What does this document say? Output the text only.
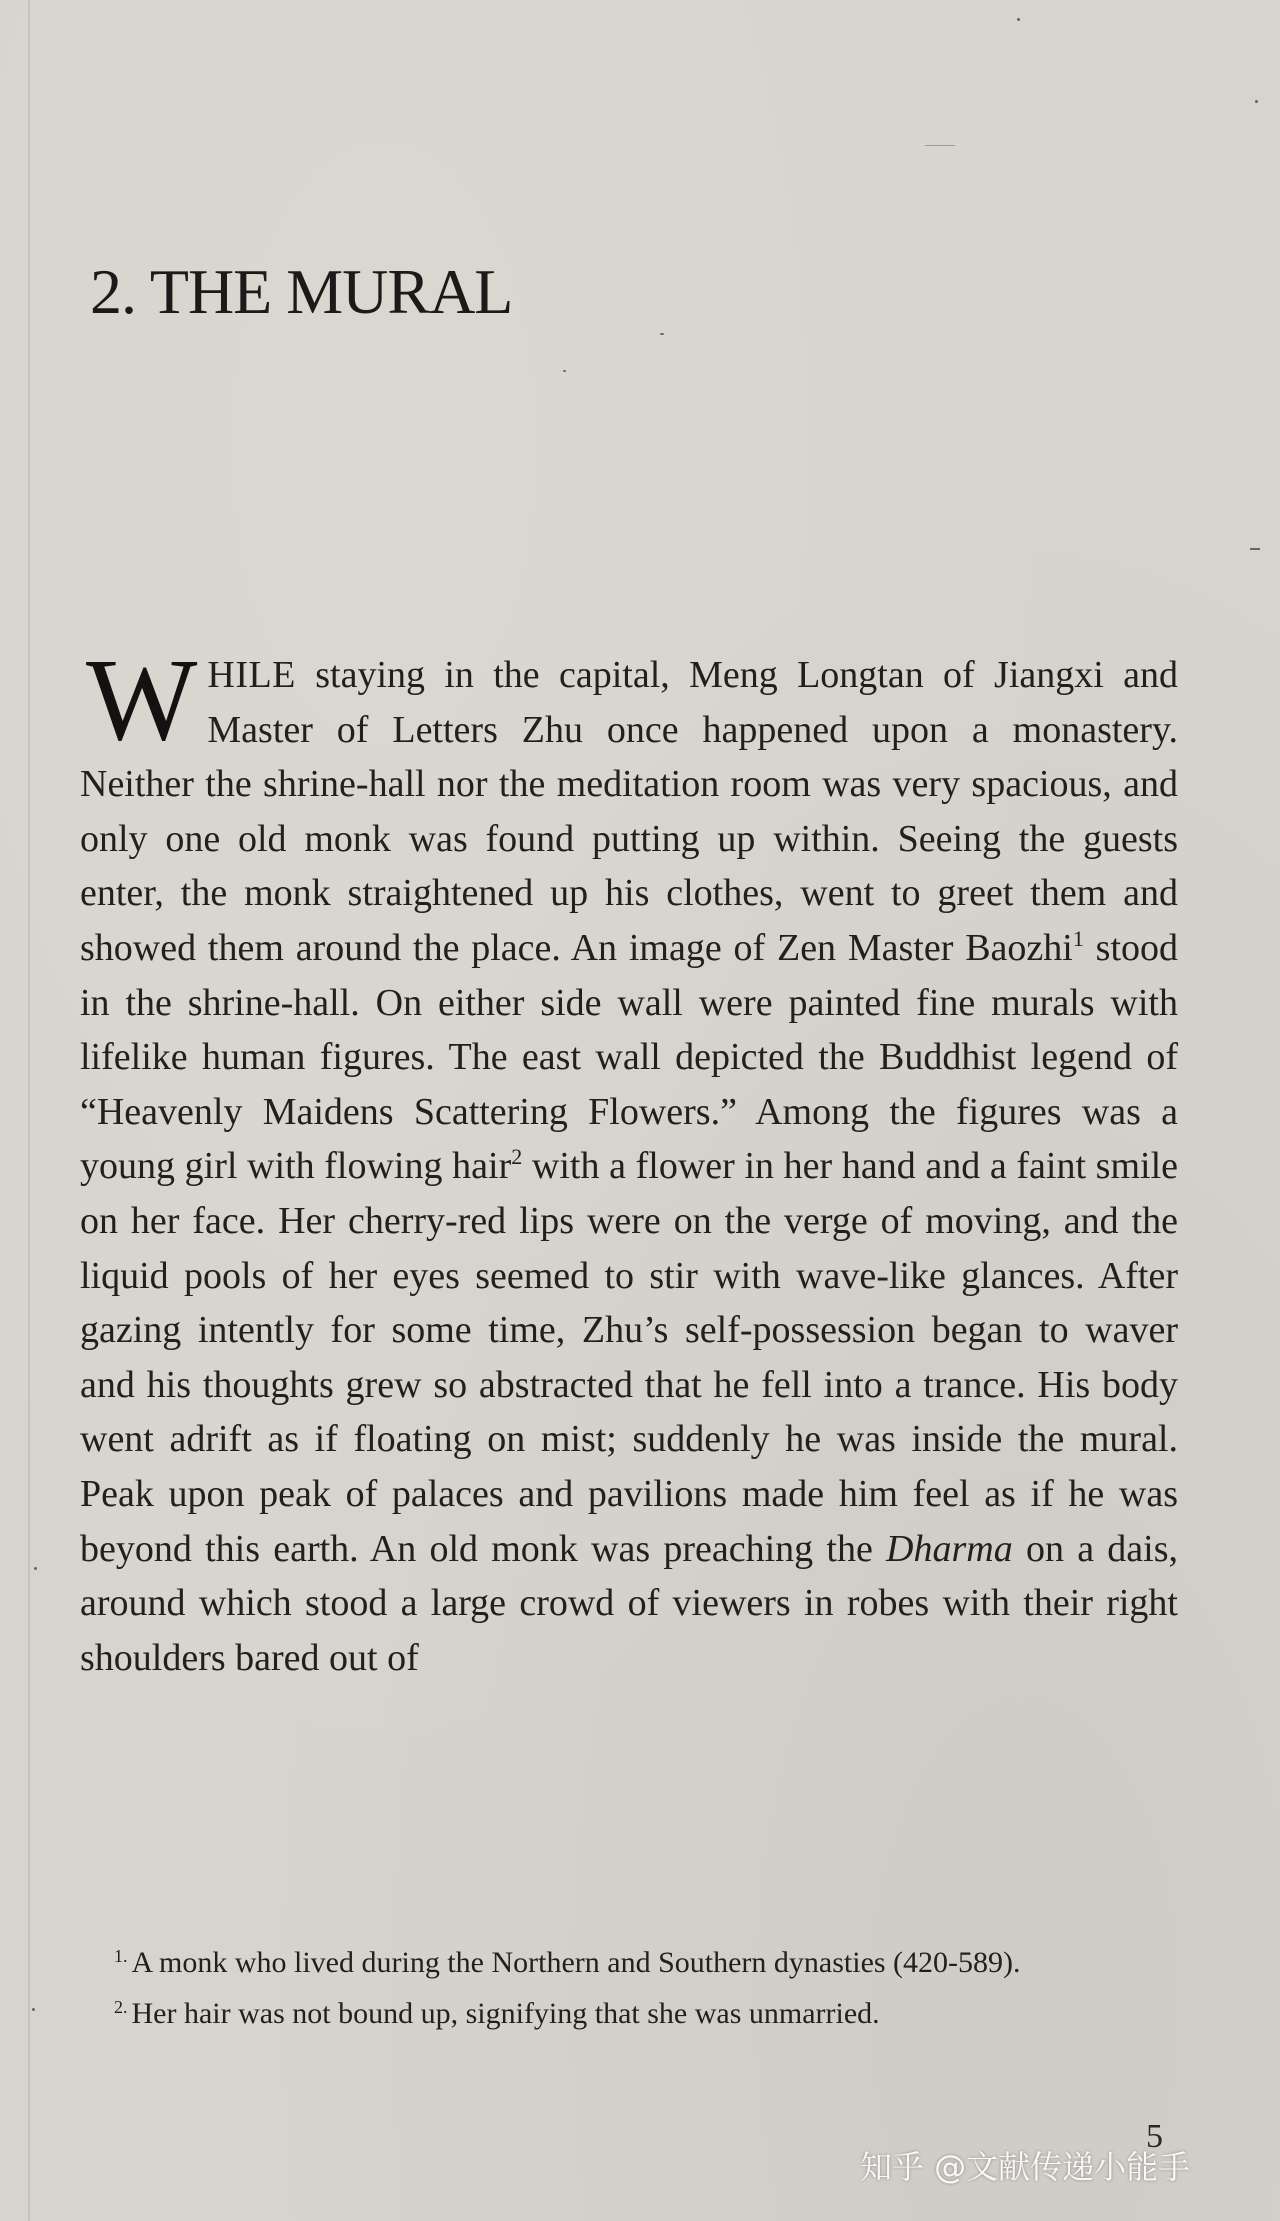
2. THE MURAL

WHILE staying in the capital, Meng Longtan of Jiangxi and Master of Letters Zhu once happened upon a monastery. Neither the shrine-hall nor the meditation room was very spacious, and only one old monk was found putting up within. Seeing the guests enter, the monk straightened up his clothes, went to greet them and showed them around the place. An image of Zen Master Baozhi$^1$ stood in the shrine-hall. On either side wall were painted fine murals with lifelike human figures. The east wall depicted the Buddhist legend of “Heavenly Maidens Scattering Flowers.” Among the figures was a young girl with flowing hair$^2$ with a flower in her hand and a faint smile on her face. Her cherry-red lips were on the verge of moving, and the liquid pools of her eyes seemed to stir with wave-like glances. After gazing intently for some time, Zhu’s self-possession began to waver and his thoughts grew so abstracted that he fell into a trance. His body went adrift as if floating on mist; suddenly he was inside the mural. Peak upon peak of palaces and pavilions made him feel as if he was beyond this earth. An old monk was preaching the Dharma on a dais, around which stood a large crowd of viewers in robes with their right shoulders bared out of

$^{1.}$ A monk who lived during the Northern and Southern dynasties (420-589).

$^{2.}$ Her hair was not bound up, signifying that she was unmarried.

5
知乎 @文献传递小能手
